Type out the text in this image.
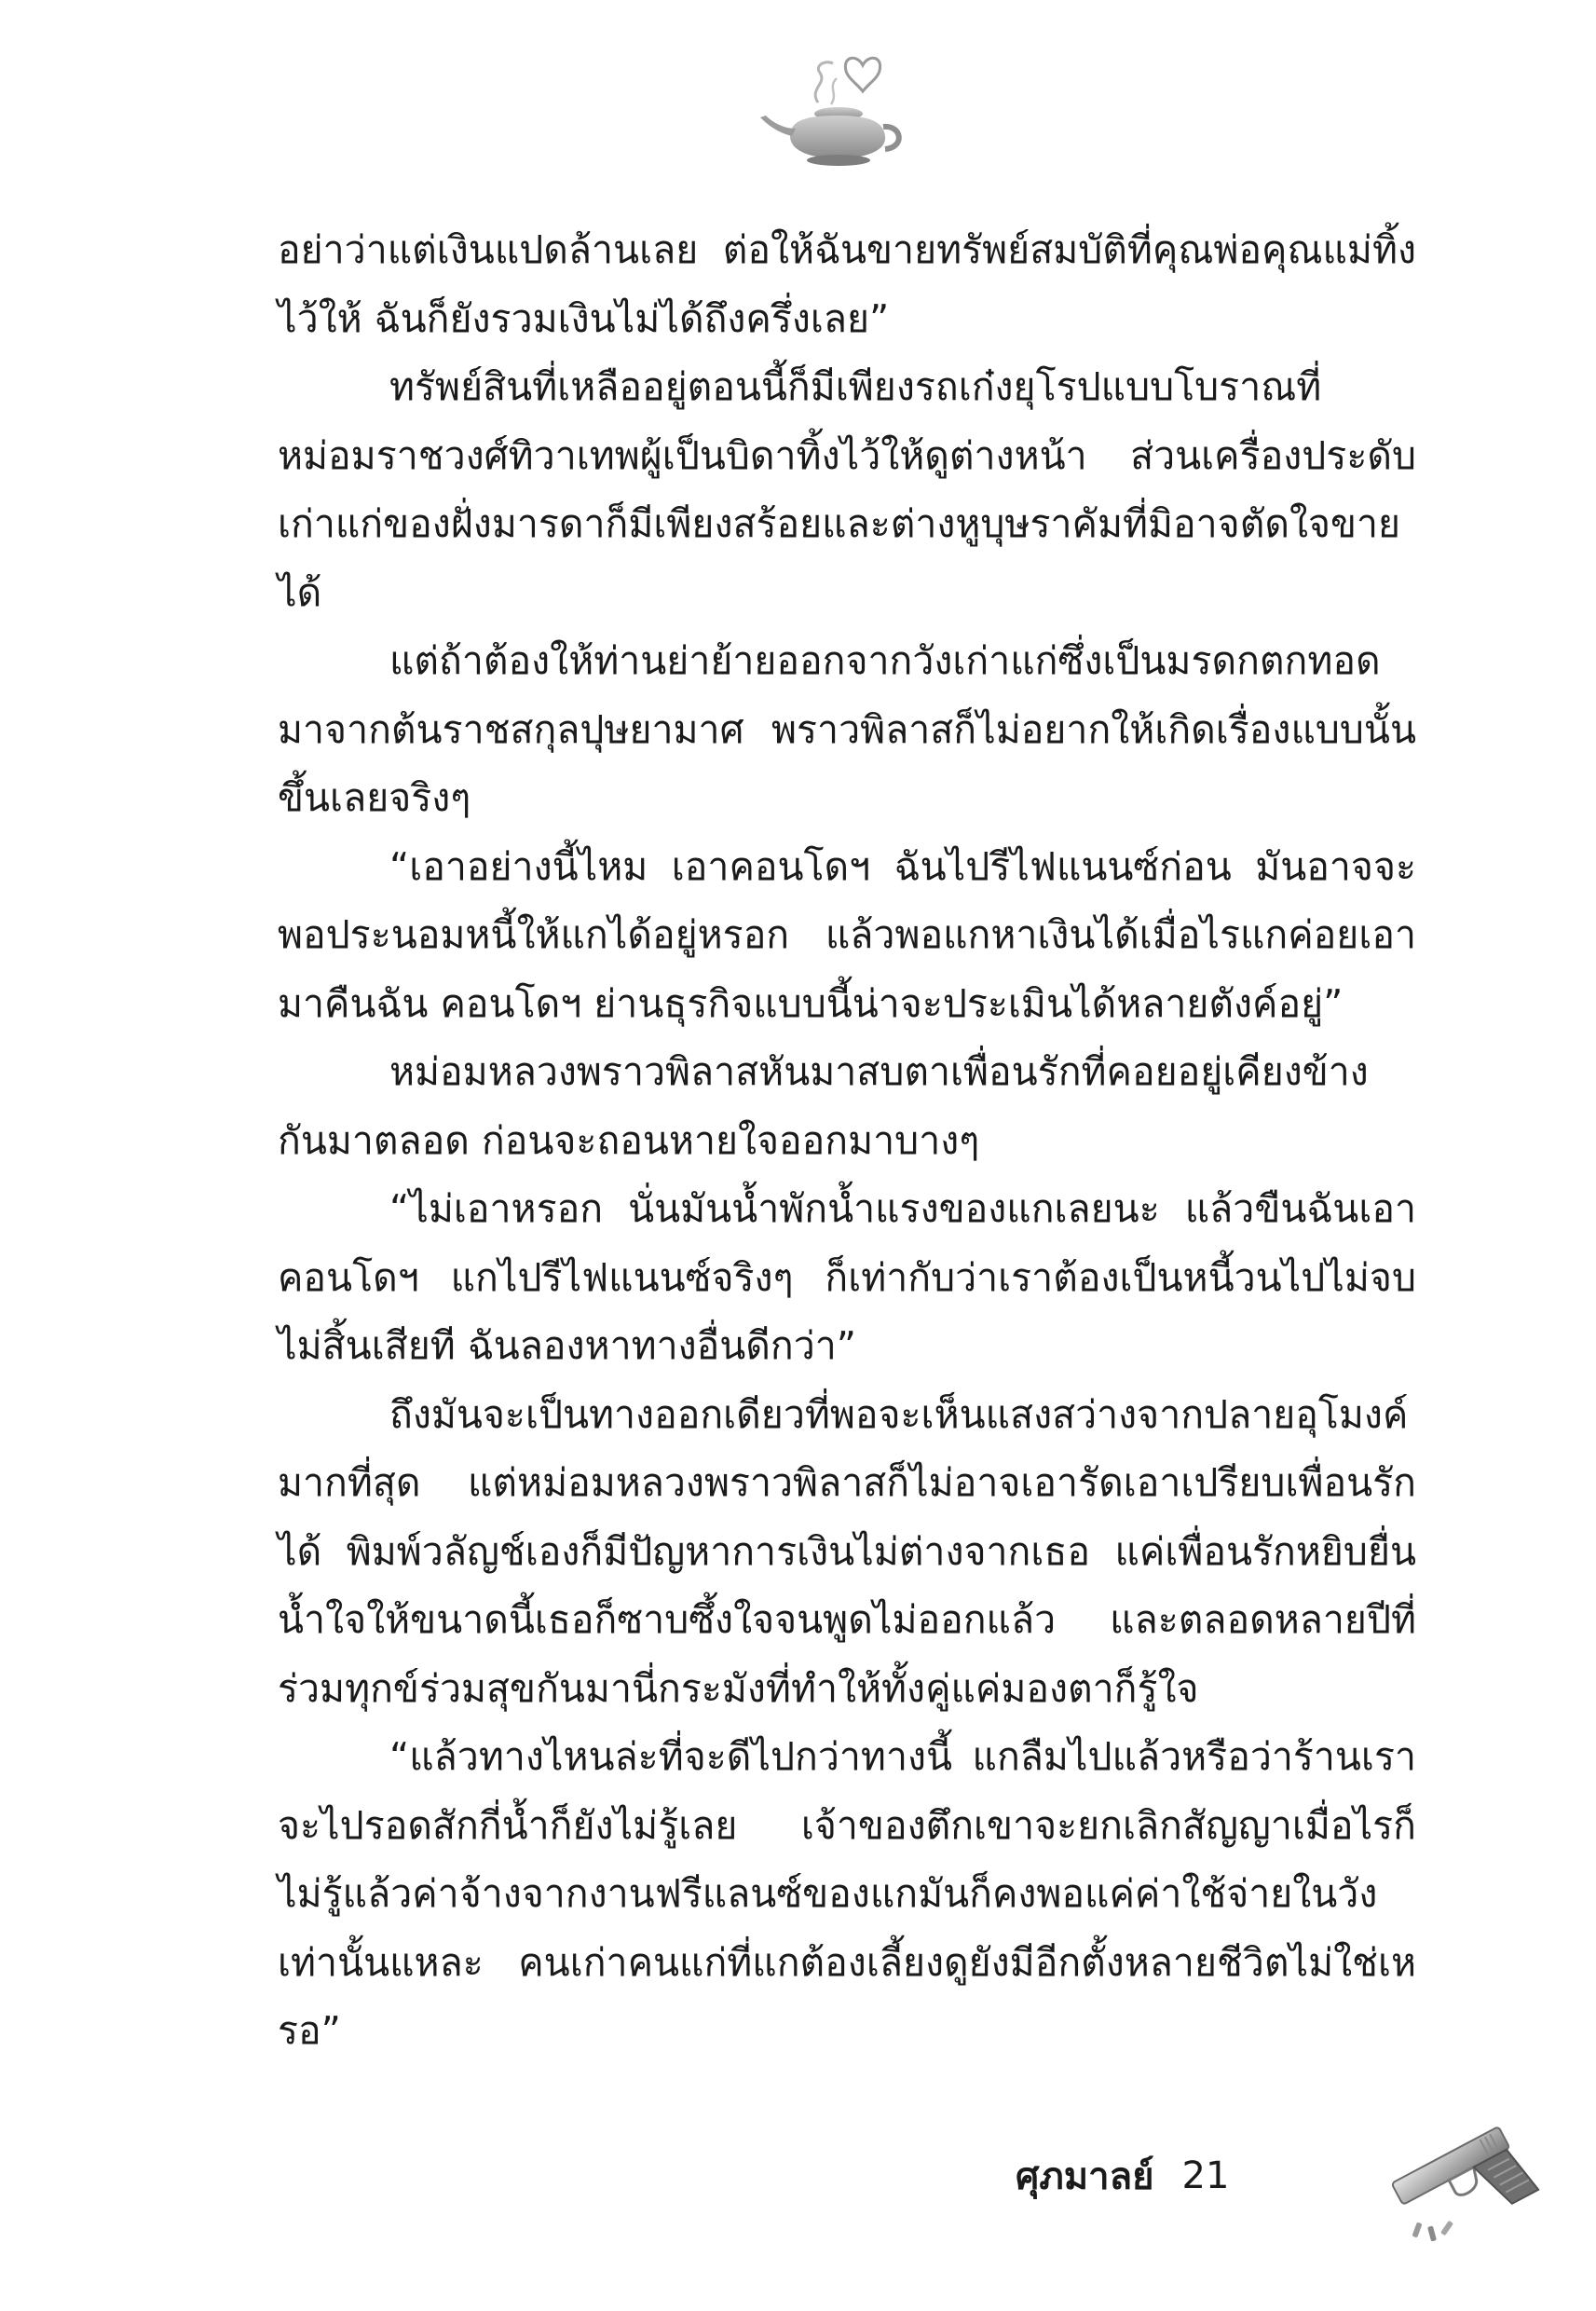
อย่าว่าแต่เงินแปดล้านเลย ต่อให้ฉันขายทรัพย์สมบัติที่คุณพ่อคุณแม่ทิ้งไว้ให้ ฉันก็ยังรวมเงินไม่ได้ถึงครึ่งเลย”

ทรัพย์สินที่เหลืออยู่ตอนนี้ก็มีเพียงรถเก๋งยุโรปแบบโบราณที่หม่อมราชวงศ์ทิวาเทพผู้เป็นบิดาทิ้งไว้ให้ดูต่างหน้า ส่วนเครื่องประดับเก่าแก่ของฝั่งมารดาก็มีเพียงสร้อยและต่างหูบุษราคัมที่มิอาจตัดใจขายได้

แต่ถ้าต้องให้ท่านย่าย้ายออกจากวังเก่าแก่ซึ่งเป็นมรดกตกทอดมาจากต้นราชสกุลปุษยามาศ พราวพิลาสก็ไม่อยากให้เกิดเรื่องแบบนั้นขึ้นเลยจริงๆ

“เอาอย่างนี้ไหม เอาคอนโดฯ ฉันไปรีไฟแนนซ์ก่อน มันอาจจะพอประนอมหนี้ให้แกได้อยู่หรอก แล้วพอแกหาเงินได้เมื่อไรแกค่อยเอามาคืนฉัน คอนโดฯ ย่านธุรกิจแบบนี้น่าจะประเมินได้หลายตังค์อยู่”

หม่อมหลวงพราวพิลาสหันมาสบตาเพื่อนรักที่คอยอยู่เคียงข้างกันมาตลอด ก่อนจะถอนหายใจออกมาบางๆ

“ไม่เอาหรอก นั่นมันน้ำพักน้ำแรงของแกเลยนะ แล้วขืนฉันเอาคอนโดฯ แกไปรีไฟแนนซ์จริงๆ ก็เท่ากับว่าเราต้องเป็นหนี้วนไปไม่จบไม่สิ้นเสียที ฉันลองหาทางอื่นดีกว่า”

ถึงมันจะเป็นทางออกเดียวที่พอจะเห็นแสงสว่างจากปลายอุโมงค์มากที่สุด แต่หม่อมหลวงพราวพิลาสก็ไม่อาจเอารัดเอาเปรียบเพื่อนรักได้ พิมพ์วลัญช์เองก็มีปัญหาการเงินไม่ต่างจากเธอ แค่เพื่อนรักหยิบยื่นน้ำใจให้ขนาดนี้เธอก็ซาบซึ้งใจจนพูดไม่ออกแล้ว และตลอดหลายปีที่ร่วมทุกข์ร่วมสุขกันมานี่กระมังที่ทำให้ทั้งคู่แค่มองตาก็รู้ใจ

“แล้วทางไหนล่ะที่จะดีไปกว่าทางนี้ แกลืมไปแล้วหรือว่าร้านเราจะไปรอดสักกี่น้ำก็ยังไม่รู้เลย เจ้าของตึกเขาจะยกเลิกสัญญาเมื่อไรก็ไม่รู้แล้วค่าจ้างจากงานฟรีแลนซ์ของแกมันก็คงพอแค่ค่าใช้จ่ายในวังเท่านั้นแหละ คนเก่าคนแก่ที่แกต้องเลี้ยงดูยังมีอีกตั้งหลายชีวิตไม่ใช่เหรอ”

ศุภมาลย์ 21
